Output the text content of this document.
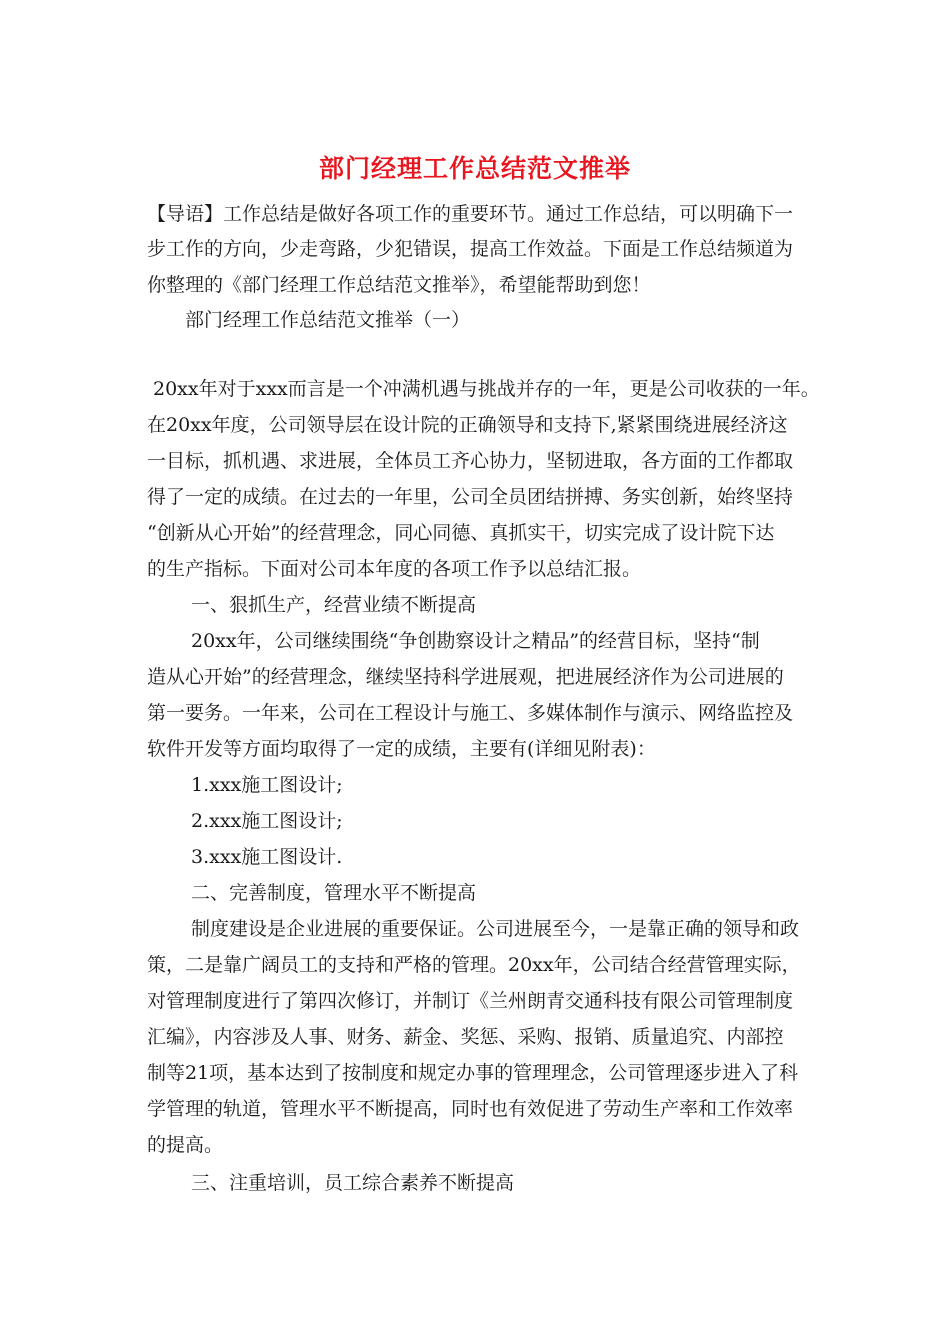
部门经理工作总结范文推举
【导语】工作总结是做好各项工作的重要环节。通过工作总结，可以明确下一
步工作的方向，少走弯路，少犯错误，提高工作效益。下面是工作总结频道为
你整理的《部门经理工作总结范文推举》，希望能帮助到您！
部门经理工作总结范文推举（一）
20xx年对于xxx而言是一个冲满机遇与挑战并存的一年，更是公司收获的一年。
在20xx年度，公司领导层在设计院的正确领导和支持下,紧紧围绕进展经济这
一目标，抓机遇、求进展，全体员工齐心协力，坚韧进取，各方面的工作都取
得了一定的成绩。在过去的一年里，公司全员团结拼搏、务实创新，始终坚持
“创新从心开始”的经营理念，同心同德、真抓实干，切实完成了设计院下达
的生产指标。下面对公司本年度的各项工作予以总结汇报。
一、狠抓生产，经营业绩不断提高
20xx年，公司继续围绕“争创勘察设计之精品”的经营目标，坚持“制
造从心开始”的经营理念，继续坚持科学进展观，把进展经济作为公司进展的
第一要务。一年来，公司在工程设计与施工、多媒体制作与演示、网络监控及
软件开发等方面均取得了一定的成绩，主要有(详细见附表)：
1.xxx施工图设计;
2.xxx施工图设计;
3.xxx施工图设计.
二、完善制度，管理水平不断提高
制度建设是企业进展的重要保证。公司进展至今，一是靠正确的领导和政
策，二是靠广阔员工的支持和严格的管理。20xx年，公司结合经营管理实际，
对管理制度进行了第四次修订，并制订《兰州朗青交通科技有限公司管理制度
汇编》，内容涉及人事、财务、薪金、奖惩、采购、报销、质量追究、内部控
制等21项，基本达到了按制度和规定办事的管理理念，公司管理逐步进入了科
学管理的轨道，管理水平不断提高，同时也有效促进了劳动生产率和工作效率
的提高。
三、注重培训，员工综合素养不断提高
